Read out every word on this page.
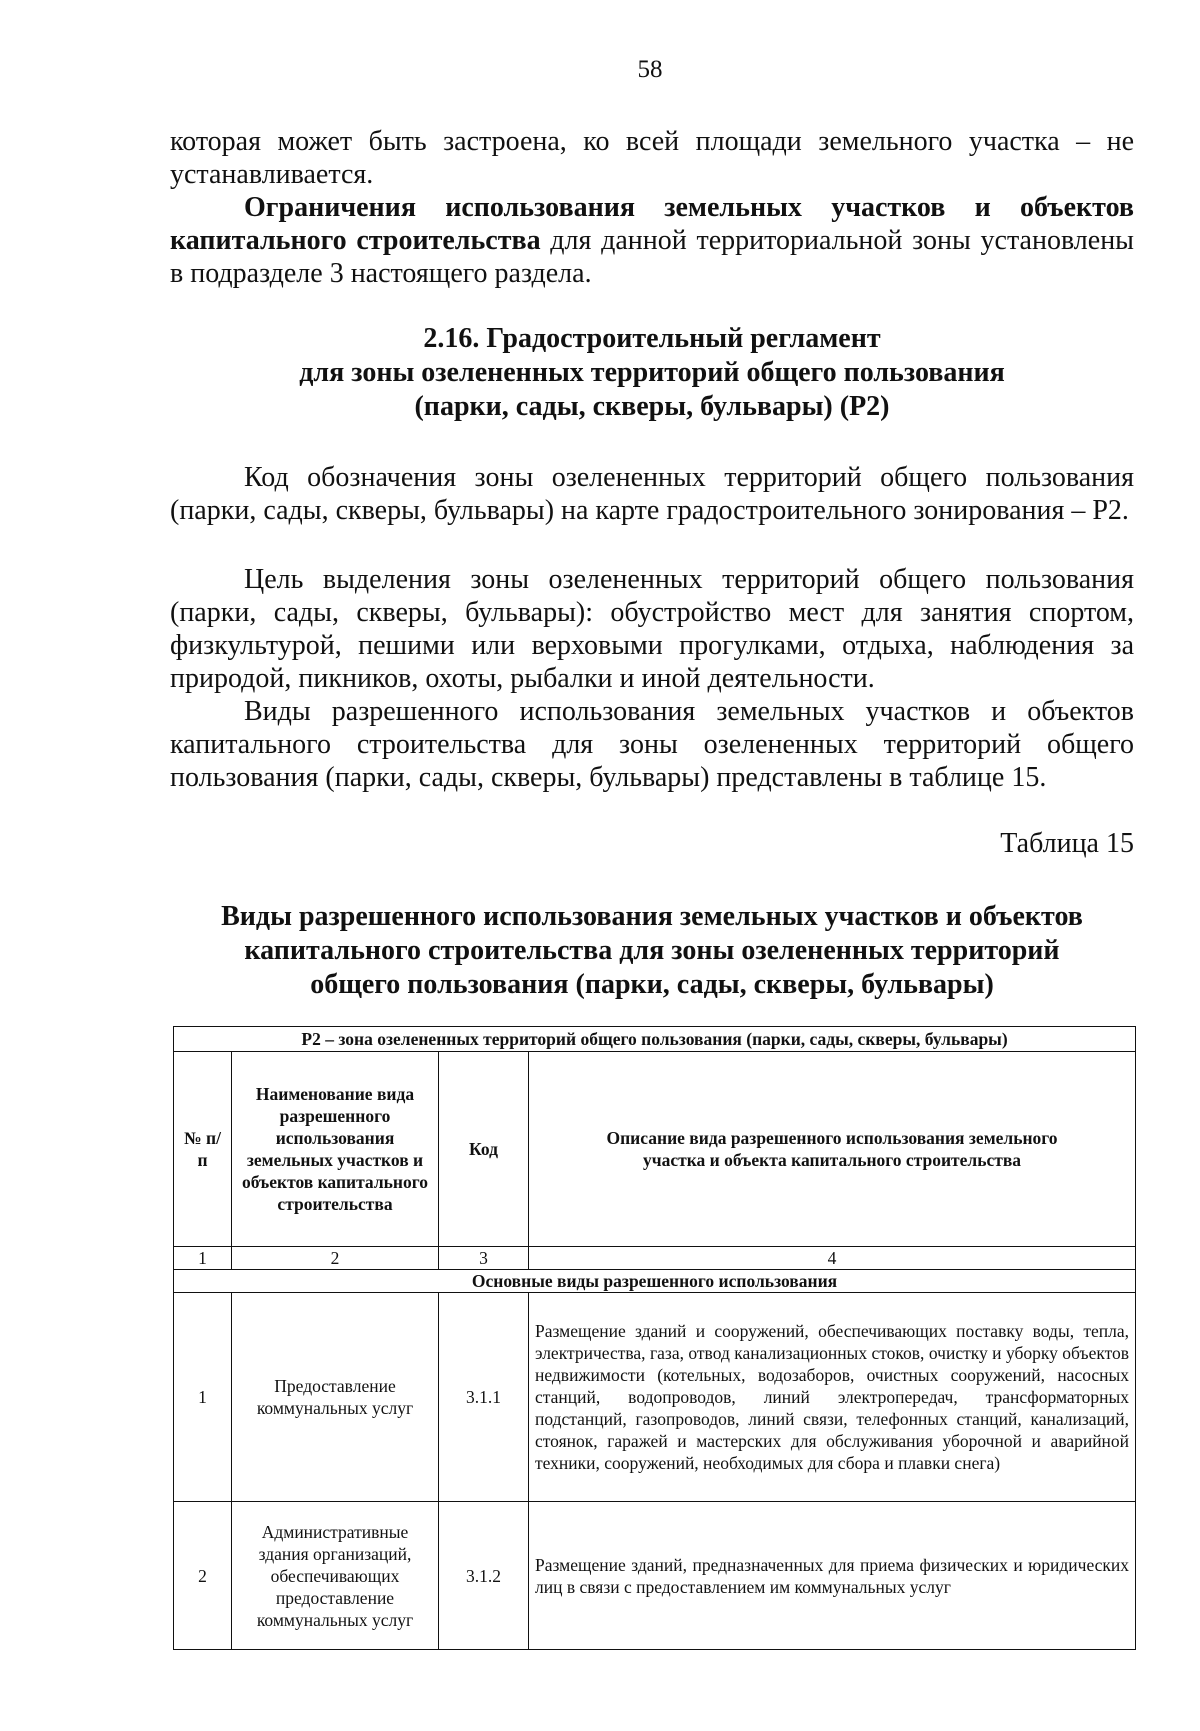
58
которая может быть застроена, ко всей площади земельного участка – не устанавливается.
Ограничения использования земельных участков и объектов капитального строительства для данной территориальной зоны установлены в подразделе 3 настоящего раздела.
2.16. Градостроительный регламент
для зоны озелененных территорий общего пользования
(парки, сады, скверы, бульвары) (Р2)
Код обозначения зоны озелененных территорий общего пользования (парки, сады, скверы, бульвары) на карте градостроительного зонирования – Р2.
Цель выделения зоны озелененных территорий общего пользования (парки, сады, скверы, бульвары): обустройство мест для занятия спортом, физкультурой, пешими или верховыми прогулками, отдыха, наблюдения за природой, пикников, охоты, рыбалки и иной деятельности.
Виды разрешенного использования земельных участков и объектов капитального строительства для зоны озелененных территорий общего пользования (парки, сады, скверы, бульвары) представлены в таблице 15.
Таблица 15
Виды разрешенного использования земельных участков и объектов
капитального строительства для зоны озелененных территорий
общего пользования (парки, сады, скверы, бульвары)
Р2 – зона озелененных территорий общего пользования (парки, сады, скверы, бульвары)			
№ п/п	Наименование вида разрешенного использования земельных участков и объектов капитального строительства	Код	Описание вида разрешенного использования земельного участка и объекта капитального строительства
1	2	3	4
Основные виды разрешенного использования			
1	Предоставление коммунальных услуг	3.1.1	Размещение зданий и сооружений, обеспечивающих поставку воды, тепла, электричества, газа, отвод канализационных стоков, очистку и уборку объектов недвижимости (котельных, водозаборов, очистных сооружений, насосных станций, водопроводов, линий электропередач, трансформаторных подстанций, газопроводов, линий связи, телефонных станций, канализаций, стоянок, гаражей и мастерских для обслуживания уборочной и аварийной техники, сооружений, необходимых для сбора и плавки снега)
2	Административные здания организаций, обеспечивающих предоставление коммунальных услуг	3.1.2	Размещение зданий, предназначенных для приема физических и юридических лиц в связи с предоставлением им коммунальных услуг
